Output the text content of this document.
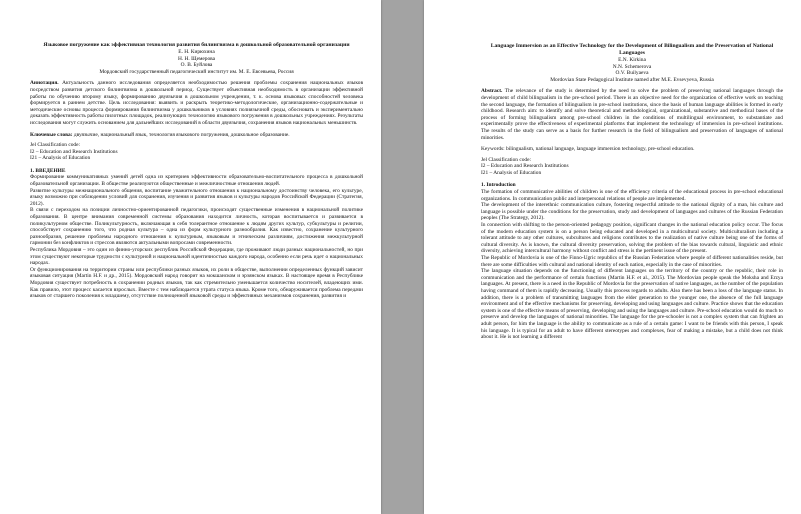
Языковое погружение как эффективная технология развития билингвизма в дошкольной образовательной организации
Е. Н. Кирюхина
Н. Н. Щемерова
О. В. Буйлова
Мордовский государственный педагогический институт им. М. Е. Евсевьева, Россия

Аннотация. Актуальность данного исследования определяется необходимостью решения проблемы сохранения национальных языков посредством развития детского билингвизма в дошкольной период. Существует объективная необходимость в организации эффективной работы по обучению второму языку, формированию двуязычия в дошкольном учреждении, т. к. основа языковых способностей человека формируется в раннем детстве. Цель исследования: выявить и раскрыть теоретико-методологические, организационно-содержательные и методические основы процесса формирования билингвизма у дошкольников в условиях полиязычной среды, обосновать и экспериментально доказать эффективность работы пилотных площадок, реализующих технологию языкового погружения в дошкольных учреждениях. Результаты исследования могут служить основанием для дальнейших исследований в области двуязычия, сохранения языков национальных меньшинств.

Ключевые слова: двуязычие, национальный язык, технология языкового погружения, дошкольное образование.

Jel Classification code:
I2 – Education and Research Institutions
I21 – Analysis of Education
1. ВВЕДЕНИЕ

Формирование коммуникативных умений детей одна из критериев эффективности образовательно-воспитательного процесса в дошкольной образовательной организации. В обществе реализуются общественные и межличностные отношения людей.

Развитие культуры межнационального общения, воспитание уважительного отношения к национальному достоинству человека, его культуре, языку возможно при соблюдении условий для сохранения, изучения и развития языков и культуры народов Российской Федерации (Стратегия, 2012).

В связи с переходом на позиции личностно-ориентированной педагогики, происходят существенные изменения в национальной политике образования. В центре внимания современной системы образования находится личность, которая воспитывается и развивается в поликультурном обществе. Поликультурность, включающая в себя толерантное отношение к людям других культур, субкультуры и религии, способствует сохранению того, что родная культура – одна из форм культурного разнообразия. Как известно, сохранение культурного разнообразия, решение проблемы народного отношения к культурным, языковым и этническим различиям, достижения межкультурной гармонии без конфликтов и стрессов являются актуальными вопросами современности.

Республика Мордовия – это один из финно-угорских республик Российской Федерации, где проживают люди разных национальностей, но при этом существуют некоторые трудности с культурной и национальной идентичностью каждого народа, особенно если речь идет о национальных народах.

Оr функционирования на территории страны или республики разных языков, их роли в обществе, выполнении определенных функций зависит языковая ситуация (Martin H.F. и др., 2015). Мордовский народ говорит на мокшанском и эрзянском языках. В настоящее время в Республике Мордовия существует потребность в сохранении родных языков, так как стремительно уменьшается количество носителей, владеющих ими. Как правило, этот процесс касается взрослых. Вместе с тем наблюдается утрата статуса языка. Кроме того, обнаруживается проблема передачи языков от старшего поколения к младшему, отсутствие полноценной языковой среды и эффективных механизмов сохранения, развития и

Language Immersion as an Effective Technology for the Development of Bilingualism and the Preservation of National Languages
E.N. Kirkina
N.N. Schemerova
O.V. Builyaeva
Mordovian State Pedagogical Institute named after M.E. Evsevyeva, Russia

Abstract. The relevance of the study is determined by the need to solve the problem of preserving national languages through the development of child bilingualism in the pre-school period. There is an objective need for the organization of effective work on teaching the second language, the formation of bilingualism in pre-school institutions, since the basis of human language abilities is formed in early childhood. Research aim: to identify and solve theoretical and methodological, organizational, substantive and methodical bases of the process of forming bilingualism among pre-school children in the conditions of multilingual environment, to substantiate and experimentally prove the effectiveness of experimental platforms that implement the technology of immersion in pre-school institutions. The results of the study can serve as a basis for further research in the field of bilingualism and preservation of languages of national minorities.

Keywords: bilingualism, national language, language immersion technology, pre-school education.

Jel Classification code:
I2 – Education and Research Institutions
I21 – Analysis of Education
1. Introduction

The formation of communicative abilities of children is one of the efficiency criteria of the educational process in pre-school educational organizations. In communication public and interpersonal relations of people are implemented.

The development of the interethnic communication culture, fostering respectful attitude to the national dignity of a man, his culture and language is possible under the conditions for the preservation, study and development of languages and cultures of the Russian Federation peoples (The Strategy, 2012).

In connection with shifting to the person-oriented pedagogy position, significant changes in the national education policy occur. The focus of the modern education system is on a person being educated and developed in a multicultural society. Multiculturalism including a tolerant attitude to any other cultures, subcultures and religions contributes to the realization of native culture being one of the forms of cultural diversity. As is known, the cultural diversity preservation, solving the problem of the bias towards cultural, linguistic and ethnic diversity, achieving intercultural harmony without conflict and stress is the pertinent issue of the present.

The Republic of Mordovia is one of the Finno-Ugric republics of the Russian Federation where people of different nationalities reside, but there are some difficulties with cultural and national identity of each nation, especially in the case of minorities.

The language situation depends on the functioning of different languages on the territory of the country or the republic, their role in communication and the performance of certain functions (Martin H.F. et al., 2015). The Mordovian people speak the Moksha and Erzya languages. At present, there is a need in the Republic of Mordovia for the preservation of native languages, as the number of the population having command of them is rapidly decreasing. Usually this process regards to adults. Also there has been a loss of the language status. In addition, there is a problem of transmitting languages from the elder generation to the younger one, the absence of the full language environment and of the effective mechanisms for preserving, developing and using languages and culture. Practice shows that the education system is one of the effective means of preserving, developing and using the languages and culture. Pre-school education would do much to preserve and develop the languages of national minorities. The language for the pre-schooler is not a complex system that can frighten an adult person, for him the language is the ability to communicate as a rule of a certain game: I want to be friends with this person, I speak his language. It is typical for an adult to have different stereotypes and complexes, fear of making a mistake, but a child does not think about it. He is not learning a different
